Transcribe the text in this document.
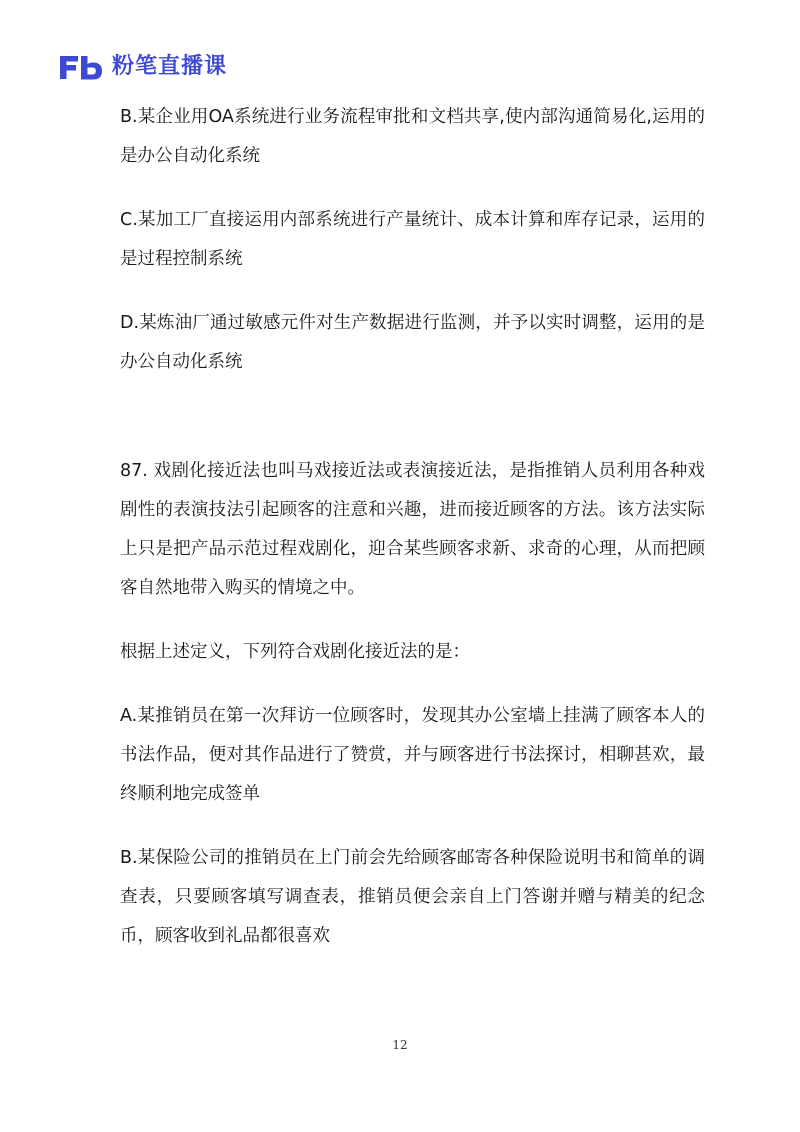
粉笔直播课

B.某企业用OA系统进行业务流程审批和文档共享,使内部沟通简易化,运用的是办公自动化系统

C.某加工厂直接运用内部系统进行产量统计、成本计算和库存记录，运用的是过程控制系统

D.某炼油厂通过敏感元件对生产数据进行监测，并予以实时调整，运用的是办公自动化系统

87. 戏剧化接近法也叫马戏接近法或表演接近法，是指推销人员利用各种戏剧性的表演技法引起顾客的注意和兴趣，进而接近顾客的方法。该方法实际上只是把产品示范过程戏剧化，迎合某些顾客求新、求奇的心理，从而把顾客自然地带入购买的情境之中。

根据上述定义，下列符合戏剧化接近法的是：

A.某推销员在第一次拜访一位顾客时，发现其办公室墙上挂满了顾客本人的书法作品，便对其作品进行了赞赏，并与顾客进行书法探讨，相聊甚欢，最终顺利地完成签单

B.某保险公司的推销员在上门前会先给顾客邮寄各种保险说明书和简单的调查表，只要顾客填写调查表，推销员便会亲自上门答谢并赠与精美的纪念币，顾客收到礼品都很喜欢

12
